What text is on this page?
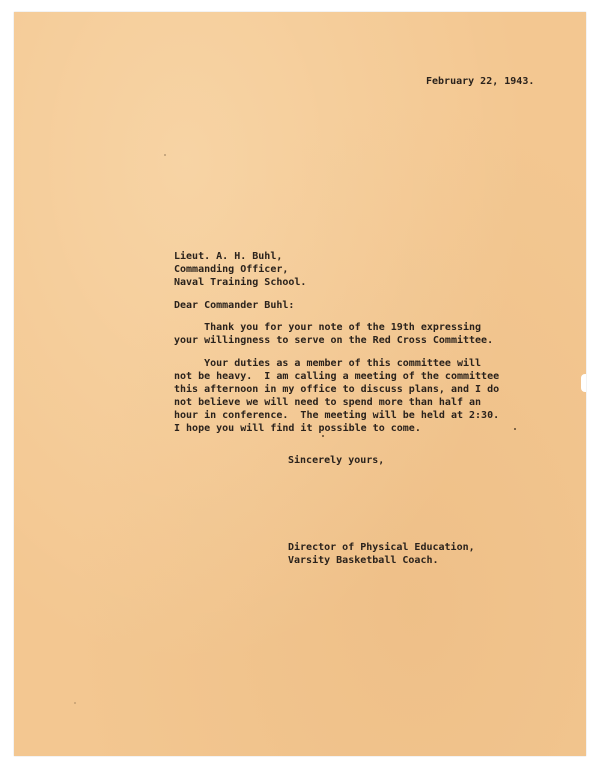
February 22, 1943.
Lieut. A. H. Buhl,
Commanding Officer,
Naval Training School.
Dear Commander Buhl:
Thank you for your note of the 19th expressing
your willingness to serve on the Red Cross Committee.
Your duties as a member of this committee will
not be heavy.  I am calling a meeting of the committee
this afternoon in my office to discuss plans, and I do
not believe we will need to spend more than half an
hour in conference.  The meeting will be held at 2:30.
I hope you will find it possible to come.
Sincerely yours,
Director of Physical Education,
Varsity Basketball Coach.
